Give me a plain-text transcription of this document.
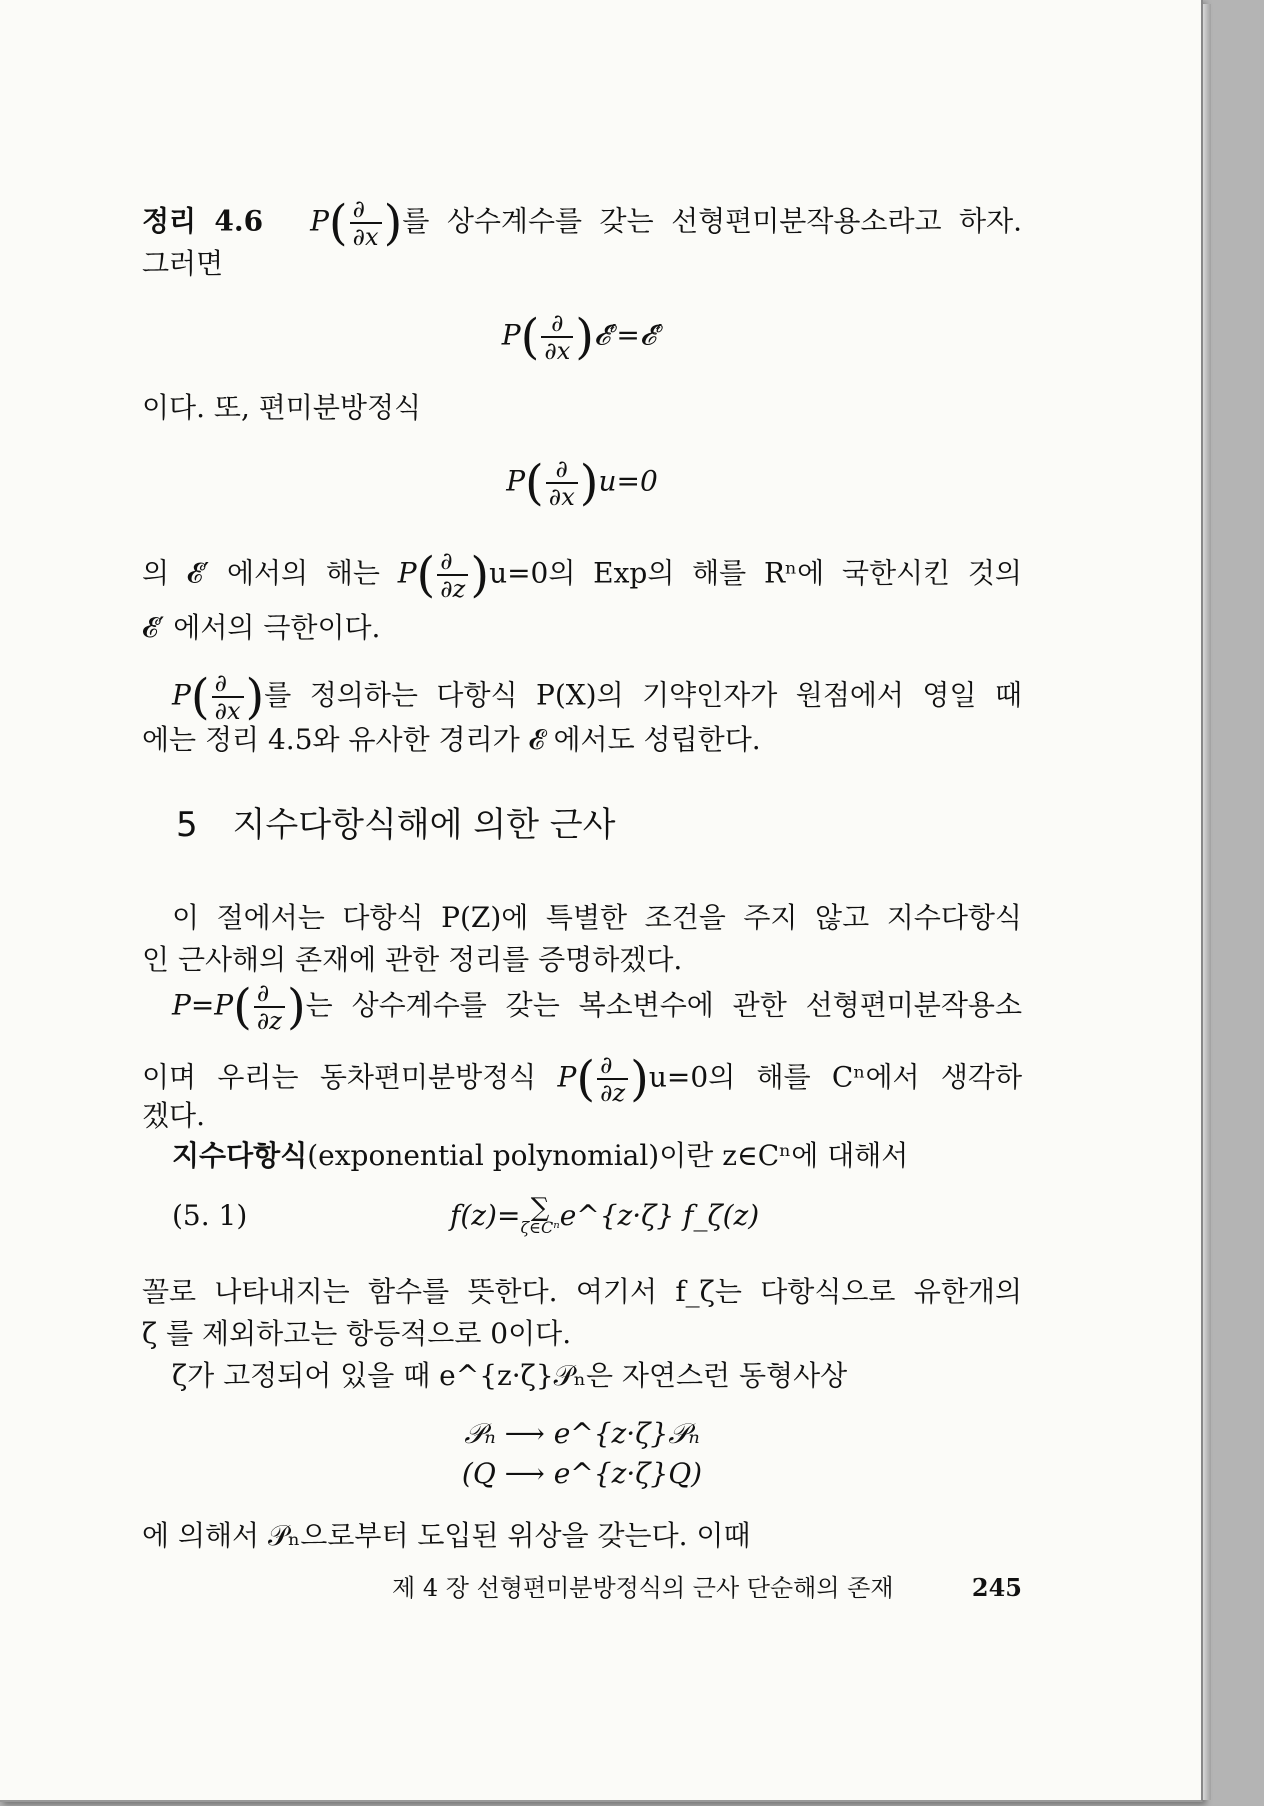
정리 4.6 $P( \frac{\partial}{\partial x}$ )를 상수계수를 갖는 선형편미분작용소라고 하자.
그러면
$P( \frac{\partial}{\partial x}$ )𝓔′=𝓔′
이다. 또, 편미분방정식
$P( \frac{\partial}{\partial x} )u=0$
의 𝓔′ 에서의 해는 $P( \frac{\partial}{\partial z} )u=0$의 Exp의 해를 Rⁿ에 국한시킨 것의
𝓔′ 에서의 극한이다.
$P( \frac{\partial}{\partial x}$ )를 정의하는 다항식 P(X)의 기약인자가 원점에서 영일 때
에는 정리 4.5와 유사한 경리가 𝓔 에서도 성립한다.
5 지수다항식해에 의한 근사
이 절에서는 다항식 P(Z)에 특별한 조건을 주지 않고 지수다항식
인 근사해의 존재에 관한 정리를 증명하겠다.
$P=P( \frac{\partial}{\partial z}$ )는 상수계수를 갖는 복소변수에 관한 선형편미분작용소
이며 우리는 동차편미분방정식 $P( \frac{\partial}{\partial z} )u=0$의 해를 Cⁿ에서 생각하
겠다.
지수다항식(exponential polynomial)이란 z∈Cⁿ에 대해서
(5. 1)	f(z)= ∑
ζ∈Cⁿ e^{z·ζ} f_ζ(z)
꼴로 나타내지는 함수를 뜻한다. 여기서 f_ζ는 다항식으로 유한개의
ζ 를 제외하고는 항등적으로 0이다.
ζ가 고정되어 있을 때 e^{z·ζ}𝒫ₙ은 자연스런 동형사상
𝒫ₙ ⟶ e^{z·ζ}𝒫ₙ
(Q ⟶ e^{z·ζ}Q)
에 의해서 𝒫ₙ으로부터 도입된 위상을 갖는다. 이때
제 4 장 선형편미분방정식의 근사 단순해의 존재	245
